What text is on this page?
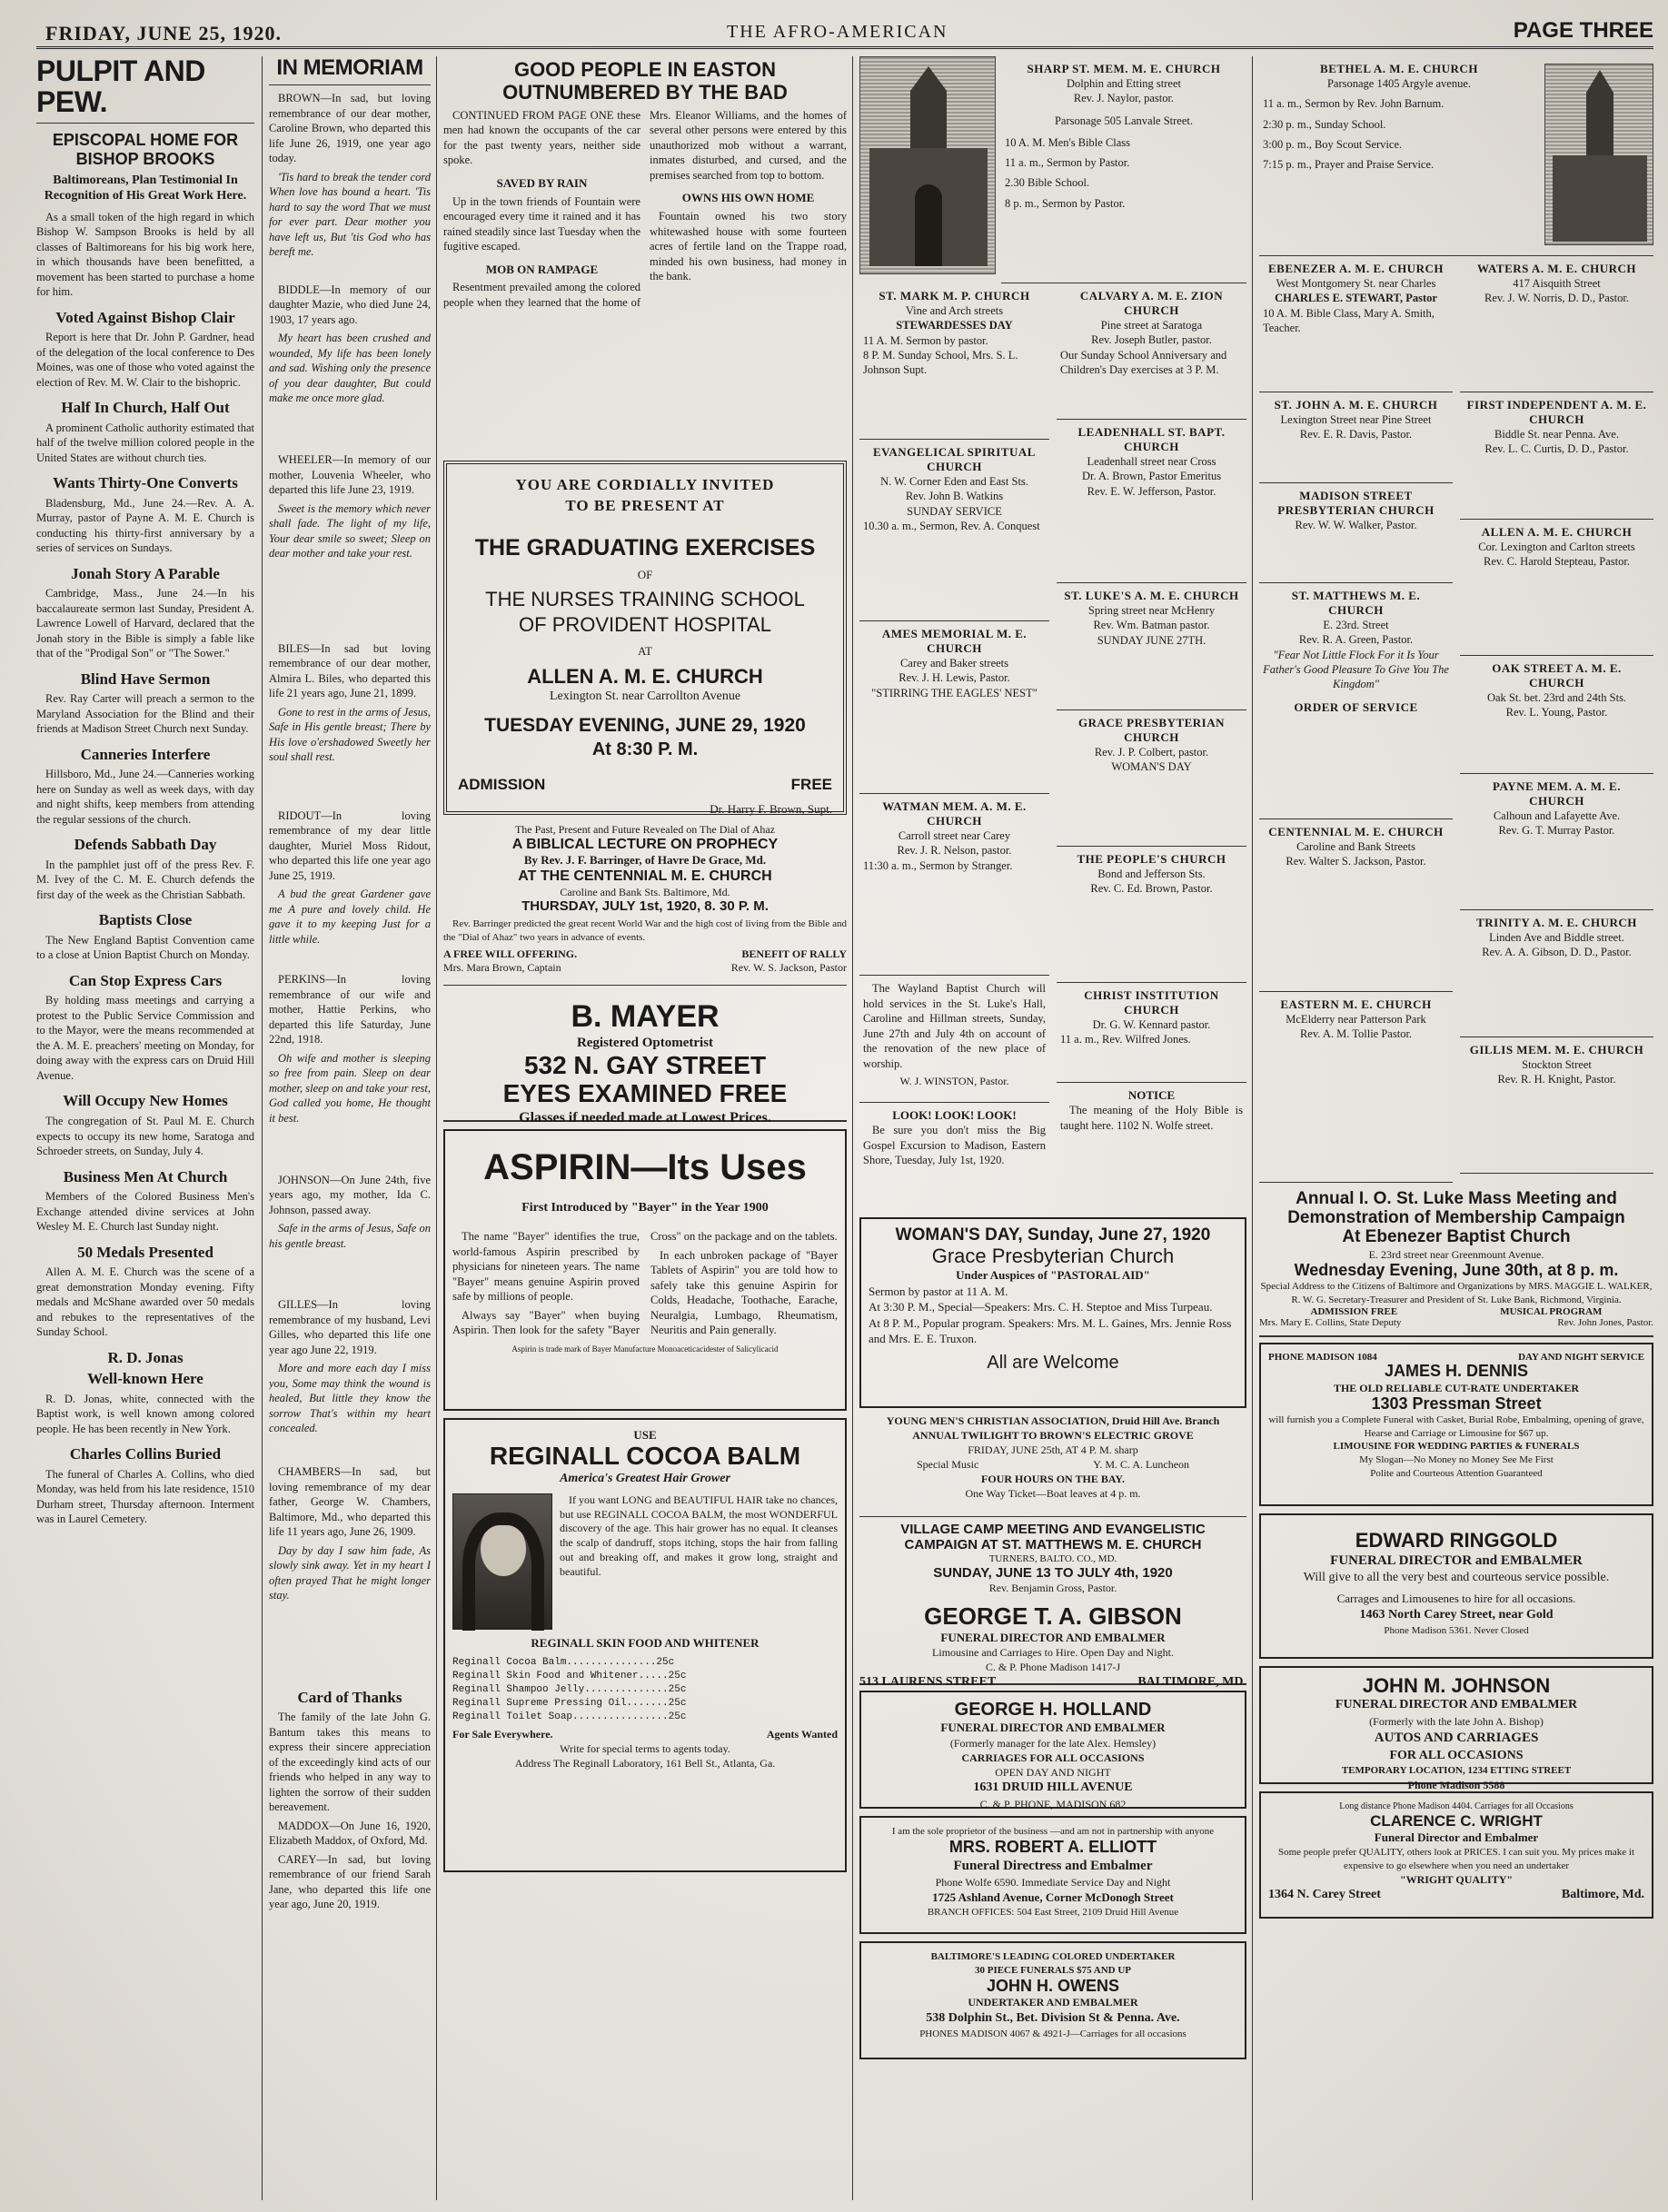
FRIDAY, JUNE 25, 1920.	THE AFRO-AMERICAN	PAGE THREE
PULPIT AND PEW.
EPISCOPAL HOME FOR BISHOP BROOKS

Baltimoreans, Plan Testimonial In Recognition of His Great Work Here.

As a small token of the high regard in which Bishop W. Sampson Brooks is held by all classes of Baltimoreans for his big work here, in which thousands have been benefitted, a movement has been started to purchase a home for him.

Voted Against Bishop Clair

Report is here that Dr. John P. Gardner, head of the delegation of the local conference to Des Moines, was one of those who voted against the election of Rev. M. W. Clair to the bishopric.

Half In Church, Half Out

A prominent Catholic authority estimated that half of the twelve million colored people in the United States are without church ties.

Wants Thirty-One Converts

Bladensburg, Md., June 24.—Rev. A. A. Murray, pastor of Payne A. M. E. Church is conducting his thirty-first anniversary by a series of services on Sundays.

Jonah Story A Parable

Cambridge, Mass., June 24.—In his baccalaureate sermon last Sunday, President A. Lawrence Lowell of Harvard, declared that the Jonah story in the Bible is simply a fable like that of the "Prodigal Son" or "The Sower."

Blind Have Sermon

Rev. Ray Carter will preach a sermon to the Maryland Association for the Blind and their friends at Madison Street Church next Sunday.

Canneries Interfere

Hillsboro, Md., June 24.—Canneries working here on Sunday as well as week days, with day and night shifts, keep members from attending the regular sessions of the church.

Defends Sabbath Day

In the pamphlet just off of the press Rev. F. M. Ivey of the C. M. E. Church defends the first day of the week as the Christian Sabbath.

Baptists Close

The New England Baptist Convention came to a close at Union Baptist Church on Monday.

Can Stop Express Cars

By holding mass meetings and carrying a protest to the Public Service Commission and to the Mayor, were the means recommended at the A. M. E. preachers' meeting on Monday, for doing away with the express cars on Druid Hill Avenue.

Will Occupy New Homes

The congregation of St. Paul M. E. Church expects to occupy its new home, Saratoga and Schroeder streets, on Sunday, July 4.

Business Men At Church

Members of the Colored Business Men's Exchange attended divine services at John Wesley M. E. Church last Sunday night.

50 Medals Presented

Allen A. M. E. Church was the scene of a great demonstration Monday evening. Fifty medals and McShane awarded over 50 medals and rebukes to the representatives of the Sunday School.

R. D. Jonas
Well-known Here

R. D. Jonas, white, connected with the Baptist work, is well known among colored people. He has been recently in New York.

Charles Collins Buried

The funeral of Charles A. Collins, who died Monday, was held from his late residence, 1510 Durham street, Thursday afternoon. Interment was in Laurel Cemetery.

IN MEMORIAM

BROWN—In sad, but loving remembrance of our dear mother, Caroline Brown, who departed this life June 26, 1919, one year ago today.

'Tis hard to break the tender cord When love has bound a heart. 'Tis hard to say the word That we must for ever part. Dear mother you have left us, But 'tis God who has bereft me.

BIDDLE—In memory of our daughter Mazie, who died June 24, 1903, 17 years ago.

My heart has been crushed and wounded, My life has been lonely and sad. Wishing only the presence of you dear daughter, But could make me once more glad.

WHEELER—In memory of our mother, Louvenia Wheeler, who departed this life June 23, 1919.

Sweet is the memory which never shall fade. The light of my life, Your dear smile so sweet; Sleep on dear mother and take your rest.

BILES—In sad but loving remembrance of our dear mother, Almira L. Biles, who departed this life 21 years ago, June 21, 1899.

Gone to rest in the arms of Jesus, Safe in His gentle breast; There by His love o'ershadowed Sweetly her soul shall rest.

RIDOUT—In loving remembrance of my dear little daughter, Muriel Moss Ridout, who departed this life one year ago June 25, 1919.

A bud the great Gardener gave me A pure and lovely child. He gave it to my keeping Just for a little while.

PERKINS—In loving remembrance of our wife and mother, Hattie Perkins, who departed this life Saturday, June 22nd, 1918.

Oh wife and mother is sleeping so free from pain. Sleep on dear mother, sleep on and take your rest, God called you home, He thought it best.

JOHNSON—On June 24th, five years ago, my mother, Ida C. Johnson, passed away.

Safe in the arms of Jesus, Safe on his gentle breast.

GILLES—In loving remembrance of my husband, Levi Gilles, who departed this life one year ago June 22, 1919.

More and more each day I miss you, Some may think the wound is healed, But little they know the sorrow That's within my heart concealed.

CHAMBERS—In sad, but loving remembrance of my dear father, George W. Chambers, Baltimore, Md., who departed this life 11 years ago, June 26, 1909.

Day by day I saw him fade, As slowly sink away. Yet in my heart I often prayed That he might longer stay.

Card of Thanks

The family of the late John G. Bantum takes this means to express their sincere appreciation of the exceedingly kind acts of our friends who helped in any way to lighten the sorrow of their sudden bereavement.

MADDOX—On June 16, 1920, Elizabeth Maddox, of Oxford, Md.

CAREY—In sad, but loving remembrance of our friend Sarah Jane, who departed this life one year ago, June 20, 1919.

GOOD PEOPLE IN EASTON OUTNUMBERED BY THE BAD

CONTINUED FROM PAGE ONE these men had known the occupants of the car for the past twenty years, neither side spoke.

SAVED BY RAIN

Up in the town friends of Fountain were encouraged every time it rained and it has rained steadily since last Tuesday when the fugitive escaped.

MOB ON RAMPAGE

Resentment prevailed among the colored people when they learned that the home of Mrs. Eleanor Williams, and the homes of several other persons were entered by this unauthorized mob without a warrant, inmates disturbed, and cursed, and the premises searched from top to bottom.

OWNS HIS OWN HOME

Fountain owned his two story whitewashed house with some fourteen acres of fertile land on the Trappe road, minded his own business, had money in the bank.

YOU ARE CORDIALLY INVITED
TO BE PRESENT AT
THE GRADUATING EXERCISES
OF
THE NURSES TRAINING SCHOOL
OF PROVIDENT HOSPITAL
AT
ALLEN A. M. E. CHURCH
Lexington St. near Carrollton Avenue
TUESDAY EVENING, JUNE 29, 1920
At 8:30 P. M.
ADMISSION	FREE
Dr. Harry F. Brown, Supt.
The Past, Present and Future Revealed on The Dial of Ahaz
A BIBLICAL LECTURE ON PROPHECY
By Rev. J. F. Barringer, of Havre De Grace, Md.
AT THE CENTENNIAL M. E. CHURCH
Caroline and Bank Sts. Baltimore, Md.
THURSDAY, JULY 1st, 1920, 8. 30 P. M.

Rev. Barringer predicted the great recent World War and the high cost of living from the Bible and the "Dial of Ahaz" two years in advance of events.

A FREE WILL OFFERING.	BENEFIT OF RALLY
Mrs. Mara Brown, Captain	Rev. W. S. Jackson, Pastor
B. MAYER
Registered Optometrist
532 N. GAY STREET
EYES EXAMINED FREE
Glasses if needed made at Lowest Prices.
ASPIRIN—Its Uses
First Introduced by "Bayer" in the Year 1900

The name "Bayer" identifies the true, world-famous Aspirin prescribed by physicians for nineteen years. The name "Bayer" means genuine Aspirin proved safe by millions of people.

Always say "Bayer" when buying Aspirin. Then look for the safety "Bayer Cross" on the package and on the tablets.

In each unbroken package of "Bayer Tablets of Aspirin" you are told how to safely take this genuine Aspirin for Colds, Headache, Toothache, Earache, Neuralgia, Lumbago, Rheumatism, Neuritis and Pain generally.

Aspirin is trade mark of Bayer Manufacture Monoaceticacidester of Salicylicacid
USE
REGINALL COCOA BALM
America's Greatest Hair Grower

If you want LONG and BEAUTIFUL HAIR take no chances, but use REGINALL COCOA BALM, the most WONDERFUL discovery of the age. This hair grower has no equal. It cleanses the scalp of dandruff, stops itching, stops the hair from falling out and breaking off, and makes it grow long, straight and beautiful.

REGINALL SKIN FOOD AND WHITENER
Reginall Cocoa Balm...............25c
Reginall Skin Food and Whitener.....25c
Reginall Shampoo Jelly..............25c
Reginall Supreme Pressing Oil.......25c
Reginall Toilet Soap................25c
For Sale Everywhere.	Agents Wanted
Write for special terms to agents today.
Address The Reginall Laboratory, 161 Bell St., Atlanta, Ga.
SHARP ST. MEM. M. E. CHURCH
Dolphin and Etting street
Rev. J. Naylor, pastor.
Parsonage 505 Lanvale Street.
10 A. M. Men's Bible Class
11 a. m., Sermon by Pastor.
2.30 Bible School.
8 p. m., Sermon by Pastor.
ST. MARK M. P. CHURCH
Vine and Arch streets
STEWARDESSES DAY
11 A. M. Sermon by pastor.
8 P. M. Sunday School, Mrs. S. L. Johnson Supt.
EVANGELICAL SPIRITUAL CHURCH
N. W. Corner Eden and East Sts.
Rev. John B. Watkins
SUNDAY SERVICE
10.30 a. m., Sermon, Rev. A. Conquest
AMES MEMORIAL M. E. CHURCH
Carey and Baker streets
Rev. J. H. Lewis, Pastor.
"STIRRING THE EAGLES' NEST"
WATMAN MEM. A. M. E. CHURCH
Carroll street near Carey
Rev. J. R. Nelson, pastor.
11:30 a. m., Sermon by Stranger.

The Wayland Baptist Church will hold services in the St. Luke's Hall, Caroline and Hillman streets, Sunday, June 27th and July 4th on account of the renovation of the new place of worship.

W. J. WINSTON, Pastor.
LOOK! LOOK! LOOK!

Be sure you don't miss the Big Gospel Excursion to Madison, Eastern Shore, Tuesday, July 1st, 1920.

CALVARY A. M. E. ZION CHURCH
Pine street at Saratoga
Rev. Joseph Butler, pastor.
Our Sunday School Anniversary and Children's Day exercises at 3 P. M.
LEADENHALL ST. BAPT. CHURCH
Leadenhall street near Cross
Dr. A. Brown, Pastor Emeritus
Rev. E. W. Jefferson, Pastor.
ST. LUKE'S A. M. E. CHURCH
Spring street near McHenry
Rev. Wm. Batman pastor.
SUNDAY JUNE 27TH.
GRACE PRESBYTERIAN CHURCH
Rev. J. P. Colbert, pastor.
WOMAN'S DAY
THE PEOPLE'S CHURCH
Bond and Jefferson Sts.
Rev. C. Ed. Brown, Pastor.
CHRIST INSTITUTION CHURCH
Dr. G. W. Kennard pastor.
11 a. m., Rev. Wilfred Jones.
NOTICE

The meaning of the Holy Bible is taught here. 1102 N. Wolfe street.

WOMAN'S DAY, Sunday, June 27, 1920
Grace Presbyterian Church
Under Auspices of "PASTORAL AID"
Sermon by pastor at 11 A. M.
At 3:30 P. M., Special—Speakers: Mrs. C. H. Steptoe and Miss Turpeau.
At 8 P. M., Popular program. Speakers: Mrs. M. L. Gaines, Mrs. Jennie Ross and Mrs. E. E. Truxon.
All are Welcome
YOUNG MEN'S CHRISTIAN ASSOCIATION, Druid Hill Ave. Branch
ANNUAL TWILIGHT TO BROWN'S ELECTRIC GROVE
FRIDAY, JUNE 25th, AT 4 P. M. sharp
Special Music	Y. M. C. A. Luncheon
FOUR HOURS ON THE BAY.
One Way Ticket—Boat leaves at 4 p. m.
VILLAGE CAMP MEETING AND EVANGELISTIC
CAMPAIGN AT ST. MATTHEWS M. E. CHURCH
TURNERS, BALTO. CO., MD.
SUNDAY, JUNE 13 TO JULY 4th, 1920
Rev. Benjamin Gross, Pastor.
GEORGE T. A. GIBSON
FUNERAL DIRECTOR AND EMBALMER
Limousine and Carriages to Hire. Open Day and Night.
C. & P. Phone Madison 1417-J
513 LAURENS STREET	BALTIMORE, MD.
GEORGE H. HOLLAND
FUNERAL DIRECTOR AND EMBALMER
(Formerly manager for the late Alex. Hemsley)
CARRIAGES FOR ALL OCCASIONS
OPEN DAY AND NIGHT
1631 DRUID HILL AVENUE
C. & P. PHONE, MADISON 682
I am the sole proprietor of the business —and am not in partnership with anyone
MRS. ROBERT A. ELLIOTT
Funeral Directress and Embalmer
Phone Wolfe 6590. Immediate Service Day and Night
1725 Ashland Avenue, Corner McDonogh Street
BRANCH OFFICES: 504 East Street, 2109 Druid Hill Avenue
BALTIMORE'S LEADING COLORED UNDERTAKER
30 PIECE FUNERALS $75 AND UP
JOHN H. OWENS
UNDERTAKER AND EMBALMER
538 Dolphin St., Bet. Division St & Penna. Ave.
PHONES MADISON 4067 & 4921-J—Carriages for all occasions
BETHEL A. M. E. CHURCH
Parsonage 1405 Argyle avenue.
11 a. m., Sermon by Rev. John Barnum.
2:30 p. m., Sunday School.
3:00 p. m., Boy Scout Service.
7:15 p. m., Prayer and Praise Service.
EBENEZER A. M. E. CHURCH
West Montgomery St. near Charles
CHARLES E. STEWART, Pastor
10 A. M. Bible Class, Mary A. Smith, Teacher.
ST. JOHN A. M. E. CHURCH
Lexington Street near Pine Street
Rev. E. R. Davis, Pastor.
MADISON STREET PRESBYTERIAN CHURCH
Rev. W. W. Walker, Pastor.
ST. MATTHEWS M. E. CHURCH
E. 23rd. Street
Rev. R. A. Green, Pastor.
"Fear Not Little Flock For it Is Your Father's Good Pleasure To Give You The Kingdom"
ORDER OF SERVICE
CENTENNIAL M. E. CHURCH
Caroline and Bank Streets
Rev. Walter S. Jackson, Pastor.
EASTERN M. E. CHURCH
McElderry near Patterson Park
Rev. A. M. Tollie Pastor.
WATERS A. M. E. CHURCH
417 Aisquith Street
Rev. J. W. Norris, D. D., Pastor.
FIRST INDEPENDENT A. M. E. CHURCH
Biddle St. near Penna. Ave.
Rev. L. C. Curtis, D. D., Pastor.
ALLEN A. M. E. CHURCH
Cor. Lexington and Carlton streets
Rev. C. Harold Stepteau, Pastor.
OAK STREET A. M. E. CHURCH
Oak St. bet. 23rd and 24th Sts.
Rev. L. Young, Pastor.
PAYNE MEM. A. M. E. CHURCH
Calhoun and Lafayette Ave.
Rev. G. T. Murray Pastor.
TRINITY A. M. E. CHURCH
Linden Ave and Biddle street.
Rev. A. A. Gibson, D. D., Pastor.
GILLIS MEM. M. E. CHURCH
Stockton Street
Rev. R. H. Knight, Pastor.
Annual I. O. St. Luke Mass Meeting and
Demonstration of Membership Campaign
At Ebenezer Baptist Church
E. 23rd street near Greenmount Avenue.
Wednesday Evening, June 30th, at 8 p. m.
Special Address to the Citizens of Baltimore and Organizations by MRS. MAGGIE L. WALKER, R. W. G. Secretary-Treasurer and President of St. Luke Bank, Richmond, Virginia.
ADMISSION FREE	MUSICAL PROGRAM
Mrs. Mary E. Collins, State Deputy	Rev. John Jones, Pastor.
PHONE MADISON 1084	DAY AND NIGHT SERVICE
JAMES H. DENNIS
THE OLD RELIABLE CUT-RATE UNDERTAKER
1303 Pressman Street
will furnish you a Complete Funeral with Casket, Burial Robe, Embalming, opening of grave, Hearse and Carriage or Limousine for $67 up.
LIMOUSINE FOR WEDDING PARTIES & FUNERALS
My Slogan—No Money no Money See Me First
Polite and Courteous Attention Guaranteed
EDWARD RINGGOLD
FUNERAL DIRECTOR and EMBALMER
Will give to all the very best and courteous service possible.
Carrages and Limousenes to hire for all occasions.
1463 North Carey Street, near Gold
Phone Madison 5361. Never Closed
JOHN M. JOHNSON
FUNERAL DIRECTOR AND EMBALMER
(Formerly with the late John A. Bishop)
AUTOS AND CARRIAGES
FOR ALL OCCASIONS
TEMPORARY LOCATION, 1234 ETTING STREET
Phone Madison 5588
Long distance Phone Madison 4404. Carriages for all Occasions
CLARENCE C. WRIGHT
Funeral Director and Embalmer
Some people prefer QUALITY, others look at PRICES. I can suit you. My prices make it expensive to go elsewhere when you need an undertaker
"WRIGHT QUALITY"
1364 N. Carey Street	Baltimore, Md.
